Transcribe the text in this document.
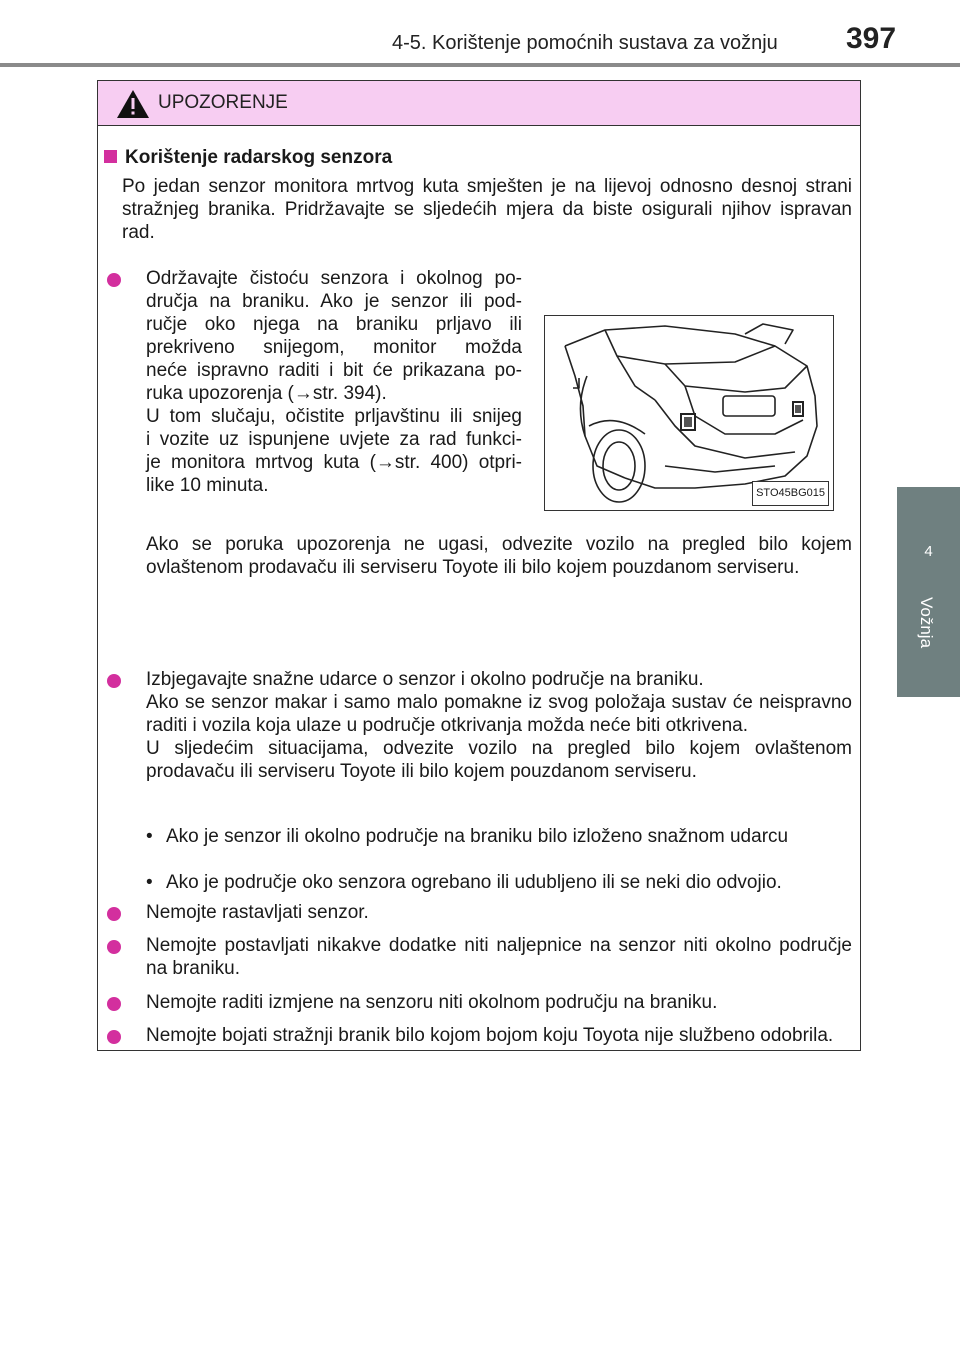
4-5. Korištenje pomoćnih sustava za vožnju 397
4
Vožnja
UPOZORENJE
Korištenje radarskog senzora
Po jedan senzor monitora mrtvog kuta smješten je na lijevoj odnosno desnoj strani stražnjeg branika. Pridržavajte se sljedećih mjera da biste osigurali njihov ispravan rad.
Održavajte čistoću senzora i okolnog po-
dručja na braniku. Ako je senzor ili pod-
ručje oko njega na braniku prljavo ili
prekriveno snijegom, monitor možda
neće ispravno raditi i bit će prikazana po-
ruka upozorenja (→str. 394).
U tom slučaju, očistite prljavštinu ili snijeg
i vozite uz ispunjene uvjete za rad funkci-
je monitora mrtvog kuta (→str. 400) otpri-
like 10 minuta.	STO45BG015
Ako se poruka upozorenja ne ugasi, odvezite vozilo na pregled bilo kojem ovlaštenom prodavaču ili serviseru Toyote ili bilo kojem pouzdanom serviseru.
Izbjegavajte snažne udarce o senzor i okolno područje na braniku.
Ako se senzor makar i samo malo pomakne iz svog položaja sustav će neispravno raditi i vozila koja ulaze u područje otkrivanja možda neće biti otkrivena.
U sljedećim situacijama, odvezite vozilo na pregled bilo kojem ovlaštenom prodavaču ili serviseru Toyote ili bilo kojem pouzdanom serviseru.
• Ako je senzor ili okolno područje na braniku bilo izloženo snažnom udarcu
• Ako je područje oko senzora ogrebano ili udubljeno ili se neki dio odvojio.
Nemojte rastavljati senzor.
Nemojte postavljati nikakve dodatke niti naljepnice na senzor niti okolno područje na braniku.
Nemojte raditi izmjene na senzoru niti okolnom području na braniku.
Nemojte bojati stražnji branik bilo kojom bojom koju Toyota nije službeno odobrila.
